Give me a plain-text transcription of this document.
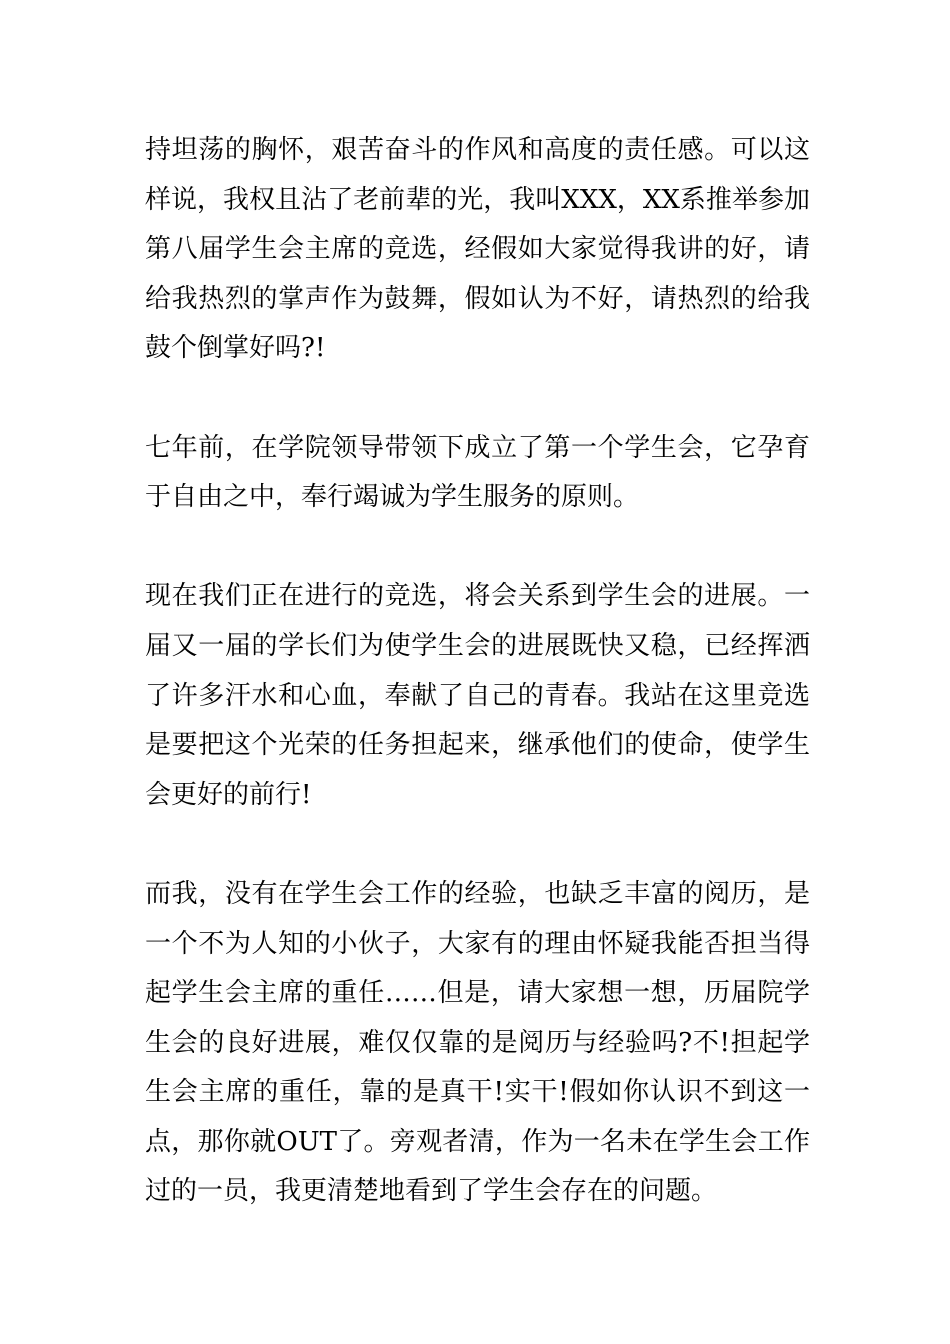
持坦荡的胸怀，艰苦奋斗的作风和高度的责任感。可以这样说，我权且沾了老前辈的光，我叫XXX，XX系推举参加第八届学生会主席的竞选，经假如大家觉得我讲的好，请给我热烈的掌声作为鼓舞，假如认为不好，请热烈的给我鼓个倒掌好吗?!

七年前，在学院领导带领下成立了第一个学生会，它孕育于自由之中，奉行竭诚为学生服务的原则。

现在我们正在进行的竞选，将会关系到学生会的进展。一届又一届的学长们为使学生会的进展既快又稳，已经挥洒了许多汗水和心血，奉献了自己的青春。我站在这里竞选是要把这个光荣的任务担起来，继承他们的使命，使学生会更好的前行!

而我，没有在学生会工作的经验，也缺乏丰富的阅历，是一个不为人知的小伙子，大家有的理由怀疑我能否担当得起学生会主席的重任……但是，请大家想一想，历届院学生会的良好进展，难仅仅靠的是阅历与经验吗?不!担起学生会主席的重任，靠的是真干!实干!假如你认识不到这一点，那你就OUT了。旁观者清，作为一名未在学生会工作过的一员，我更清楚地看到了学生会存在的问题。
